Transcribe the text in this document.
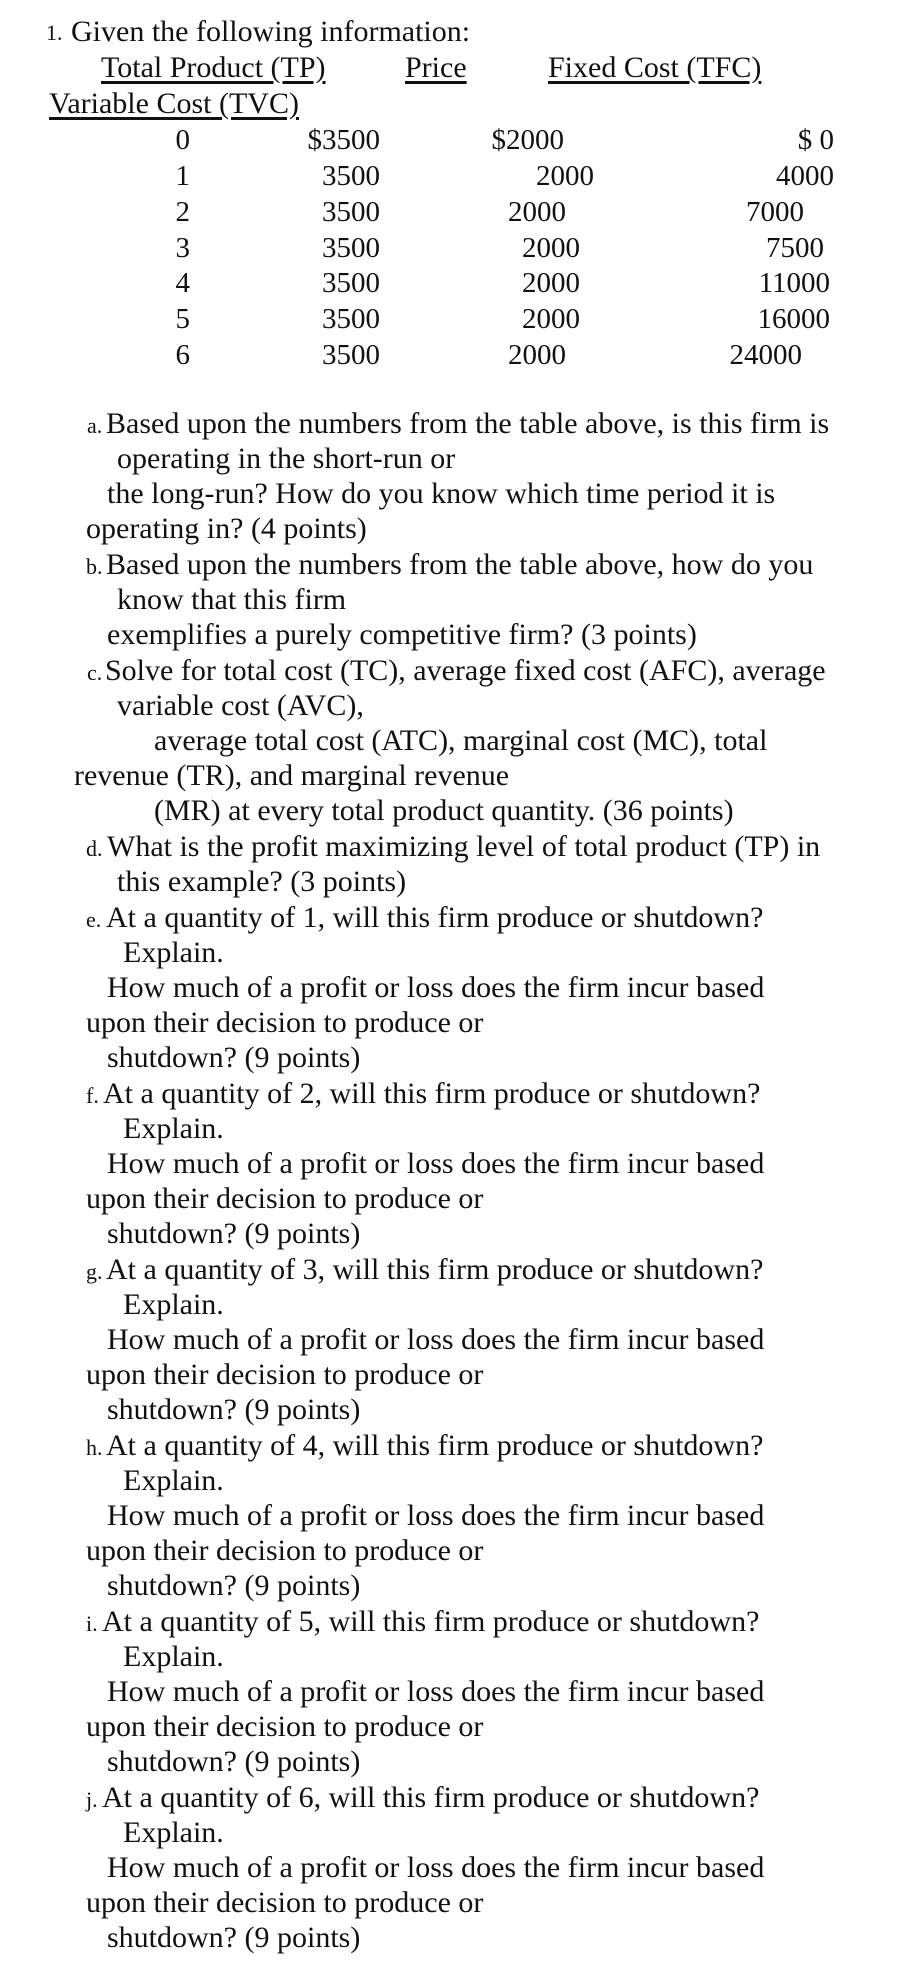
1. Given the following information:
Total Product (TP)	Price	Fixed Cost (TFC)
Variable Cost (TVC)
0	$3500	$2000	$ 0
1	3500	2000	4000
2	3500	2000	7000
3	3500	2000	7500
4	3500	2000	11000
5	3500	2000	16000
6	3500	2000	24000
a. Based upon the numbers from the table above, is this firm is
operating in the short-run or
the long-run? How do you know which time period it is
operating in? (4 points)
b. Based upon the numbers from the table above, how do you
know that this firm
exemplifies a purely competitive firm? (3 points)
c. Solve for total cost (TC), average fixed cost (AFC), average
variable cost (AVC),
average total cost (ATC), marginal cost (MC), total
revenue (TR), and marginal revenue
(MR) at every total product quantity. (36 points)
d. What is the profit maximizing level of total product (TP) in
this example? (3 points)
e. At a quantity of 1, will this firm produce or shutdown?
Explain.
How much of a profit or loss does the firm incur based
upon their decision to produce or
shutdown? (9 points)
f. At a quantity of 2, will this firm produce or shutdown?
Explain.
How much of a profit or loss does the firm incur based
upon their decision to produce or
shutdown? (9 points)
g. At a quantity of 3, will this firm produce or shutdown?
Explain.
How much of a profit or loss does the firm incur based
upon their decision to produce or
shutdown? (9 points)
h. At a quantity of 4, will this firm produce or shutdown?
Explain.
How much of a profit or loss does the firm incur based
upon their decision to produce or
shutdown? (9 points)
i. At a quantity of 5, will this firm produce or shutdown?
Explain.
How much of a profit or loss does the firm incur based
upon their decision to produce or
shutdown? (9 points)
j. At a quantity of 6, will this firm produce or shutdown?
Explain.
How much of a profit or loss does the firm incur based
upon their decision to produce or
shutdown? (9 points)
